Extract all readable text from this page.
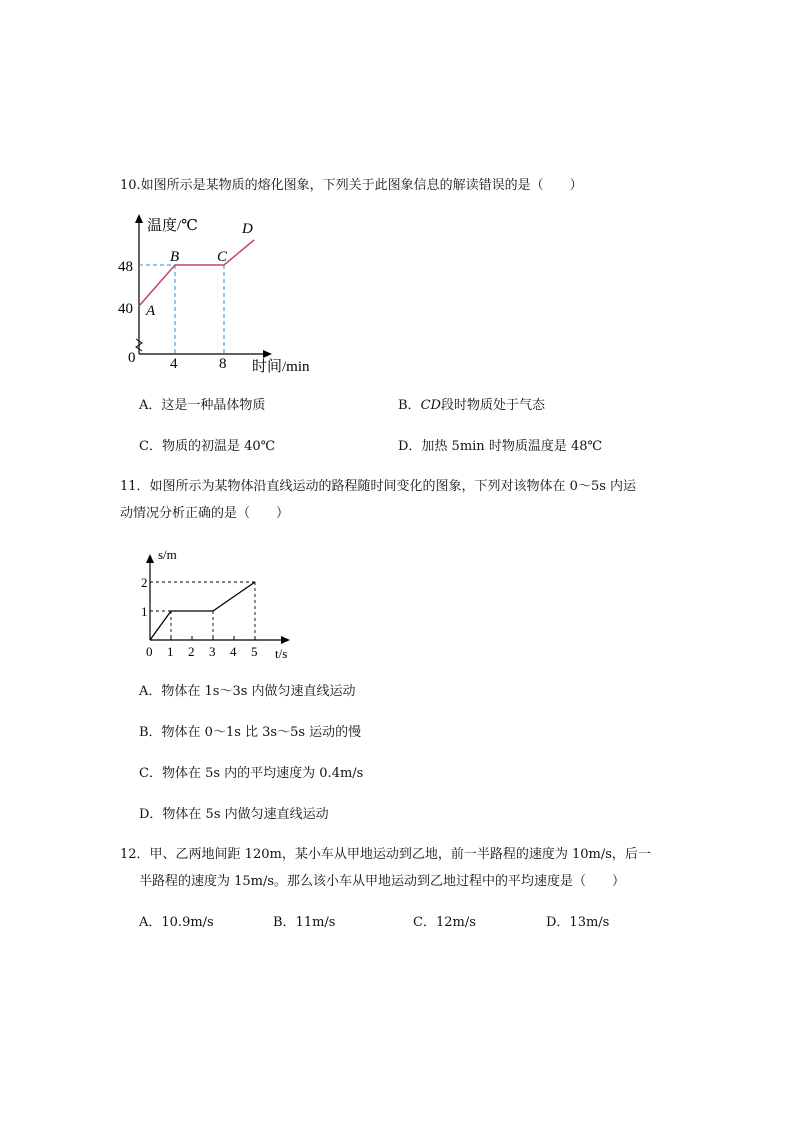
10.如图所示是某物质的熔化图象，下列关于此图象信息的解读错误的是（　　）
温度/℃
时间/min
48
40
0 4	8
A
B	C
D
A．这是一种晶体物质	B．CD段时物质处于气态
C．物质的初温是 40℃	D．加热 5min 时物质温度是 48℃
11．如图所示为某物体沿直线运动的路程随时间变化的图象，下列对该物体在 0～5s 内运
动情况分析正确的是（　　）
s/m
t/s
2
1
0 1 2 3 4 5
A．物体在 1s～3s 内做匀速直线运动
B．物体在 0～1s 比 3s～5s 运动的慢
C．物体在 5s 内的平均速度为 0.4m/s
D．物体在 5s 内做匀速直线运动
12．甲、乙两地间距 120m，某小车从甲地运动到乙地，前一半路程的速度为 10m/s，后一
半路程的速度为 15m/s。那么该小车从甲地运动到乙地过程中的平均速度是（　　）
A．10.9m/s	B．11m/s	C．12m/s	D．13m/s
